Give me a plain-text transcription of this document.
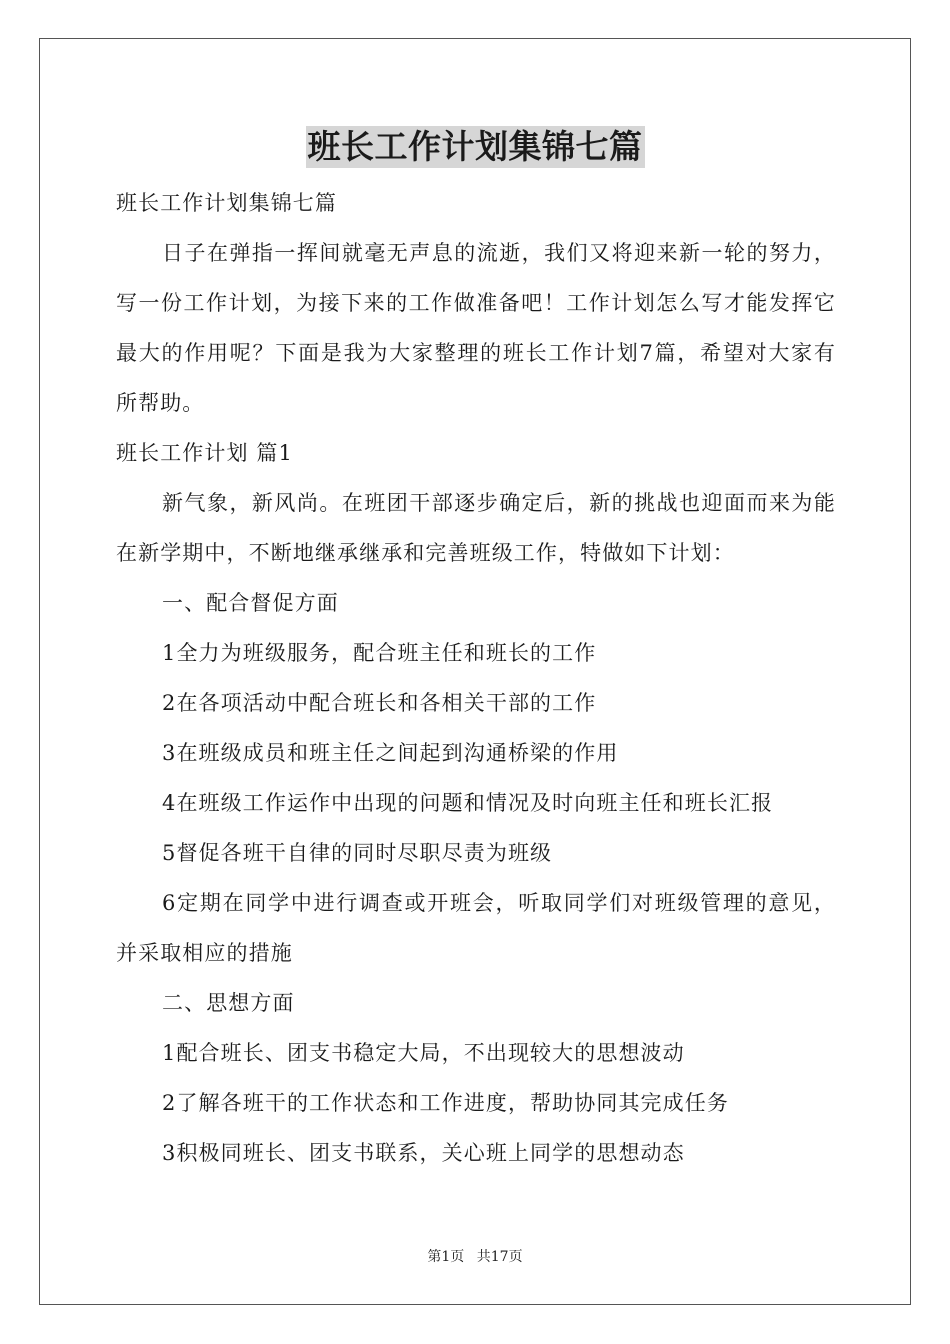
班长工作计划集锦七篇

班长工作计划集锦七篇

日子在弹指一挥间就毫无声息的流逝，我们又将迎来新一轮的努力，写一份工作计划，为接下来的工作做准备吧！工作计划怎么写才能发挥它最大的作用呢？下面是我为大家整理的班长工作计划7篇，希望对大家有所帮助。

班长工作计划 篇1

新气象，新风尚。在班团干部逐步确定后，新的挑战也迎面而来为能在新学期中，不断地继承继承和完善班级工作，特做如下计划：

一、配合督促方面

1全力为班级服务，配合班主任和班长的工作

2在各项活动中配合班长和各相关干部的工作

3在班级成员和班主任之间起到沟通桥梁的作用

4在班级工作运作中出现的问题和情况及时向班主任和班长汇报

5督促各班干自律的同时尽职尽责为班级

6定期在同学中进行调查或开班会，听取同学们对班级管理的意见，并采取相应的措施

二、思想方面

1配合班长、团支书稳定大局，不出现较大的思想波动

2了解各班干的工作状态和工作进度，帮助协同其完成任务

3积极同班长、团支书联系，关心班上同学的思想动态

第1页 共17页
